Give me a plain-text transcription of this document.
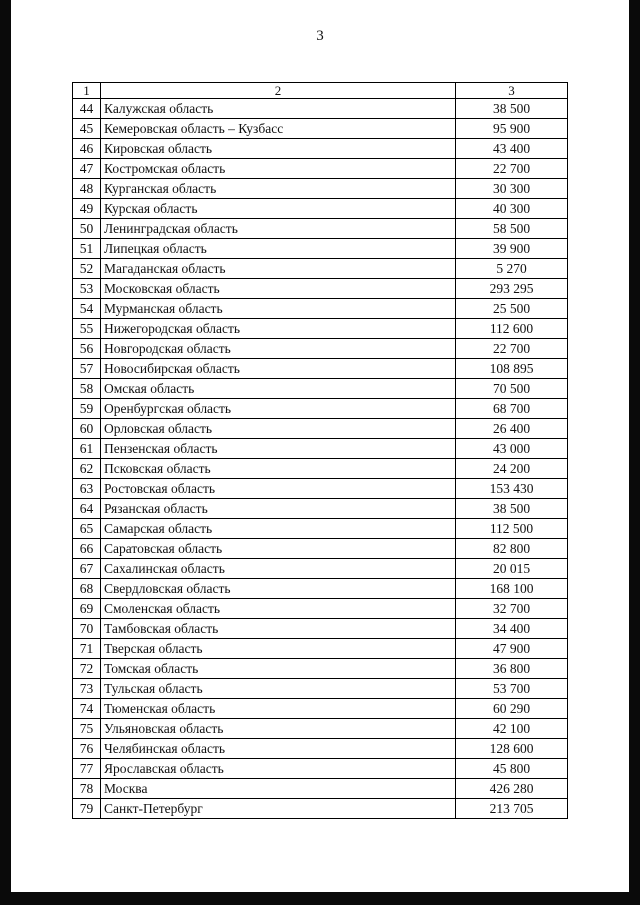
3
1	2	3
44	Калужская область	38 500
45	Кемеровская область – Кузбасс	95 900
46	Кировская область	43 400
47	Костромская область	22 700
48	Курганская область	30 300
49	Курская область	40 300
50	Ленинградская область	58 500
51	Липецкая область	39 900
52	Магаданская область	5 270
53	Московская область	293 295
54	Мурманская область	25 500
55	Нижегородская область	112 600
56	Новгородская область	22 700
57	Новосибирская область	108 895
58	Омская область	70 500
59	Оренбургская область	68 700
60	Орловская область	26 400
61	Пензенская область	43 000
62	Псковская область	24 200
63	Ростовская область	153 430
64	Рязанская область	38 500
65	Самарская область	112 500
66	Саратовская область	82 800
67	Сахалинская область	20 015
68	Свердловская область	168 100
69	Смоленская область	32 700
70	Тамбовская область	34 400
71	Тверская область	47 900
72	Томская область	36 800
73	Тульская область	53 700
74	Тюменская область	60 290
75	Ульяновская область	42 100
76	Челябинская область	128 600
77	Ярославская область	45 800
78	Москва	426 280
79	Санкт-Петербург	213 705
